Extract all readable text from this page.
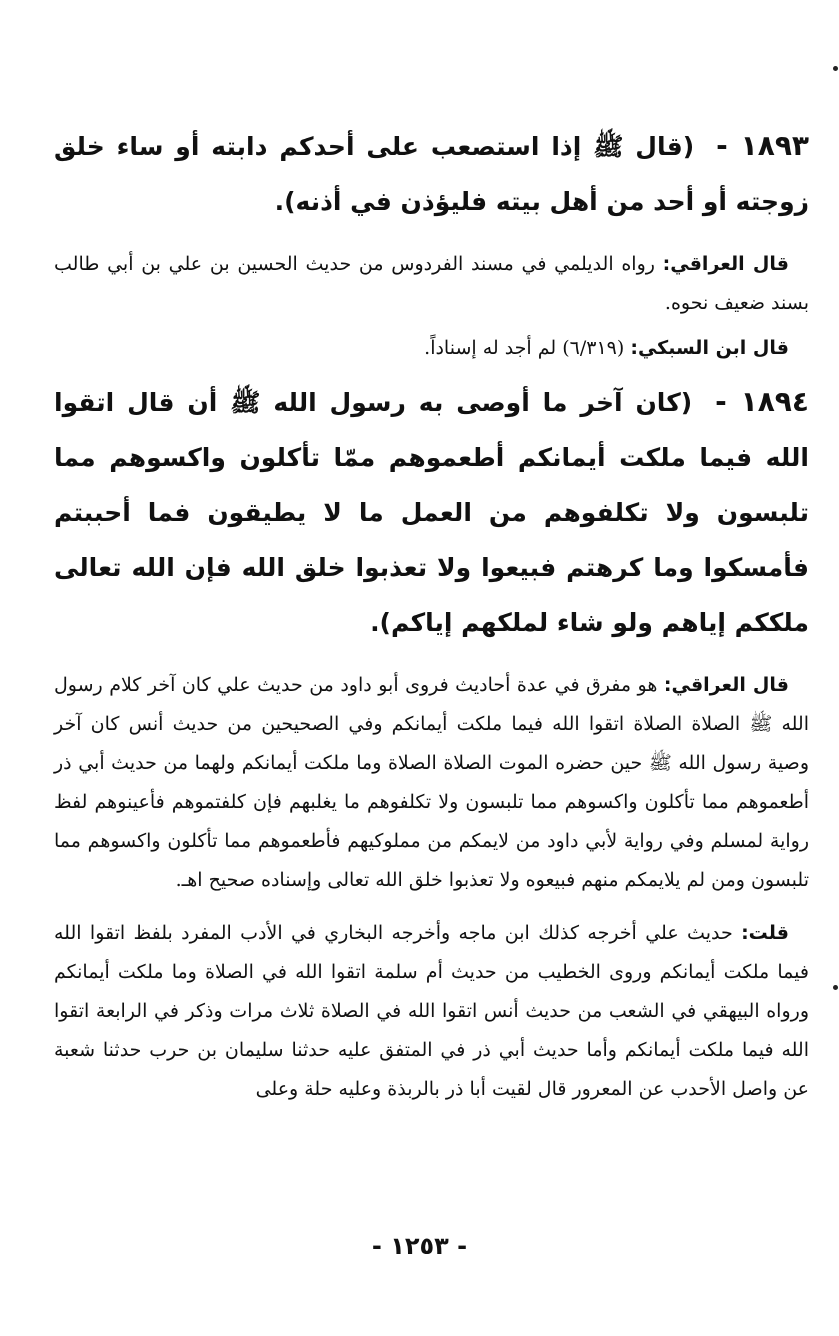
١٨٩٣ - (قال ﷺ إذا استصعب على أحدكم دابته أو ساء خلق زوجته أو أحد من أهل بيته فليؤذن في أذنه).

قال العراقي: رواه الديلمي في مسند الفردوس من حديث الحسين بن علي بن أبي طالب بسند ضعيف نحوه.

قال ابن السبكي: (٦/٣١٩) لم أجد له إسناداً.

١٨٩٤ - (كان آخر ما أوصى به رسول الله ﷺ أن قال اتقوا الله فيما ملكت أيمانكم أطعموهم ممّا تأكلون واكسوهم مما تلبسون ولا تكلفوهم من العمل ما لا يطيقون فما أحببتم فأمسكوا وما كرهتم فبيعوا ولا تعذبوا خلق الله فإن الله تعالى ملككم إياهم ولو شاء لملكهم إياكم).

قال العراقي: هو مفرق في عدة أحاديث فروى أبو داود من حديث علي كان آخر كلام رسول الله ﷺ الصلاة الصلاة اتقوا الله فيما ملكت أيمانكم وفي الصحيحين من حديث أنس كان آخر وصية رسول الله ﷺ حين حضره الموت الصلاة الصلاة وما ملكت أيمانكم ولهما من حديث أبي ذر أطعموهم مما تأكلون واكسوهم مما تلبسون ولا تكلفوهم ما يغلبهم فإن كلفتموهم فأعينوهم لفظ رواية لمسلم وفي رواية لأبي داود من لايمكم من مملوكيهم فأطعموهم مما تأكلون واكسوهم مما تلبسون ومن لم يلايمكم منهم فبيعوه ولا تعذبوا خلق الله تعالى وإسناده صحيح اهـ.

قلت: حديث علي أخرجه كذلك ابن ماجه وأخرجه البخاري في الأدب المفرد بلفظ اتقوا الله فيما ملكت أيمانكم وروى الخطيب من حديث أم سلمة اتقوا الله في الصلاة وما ملكت أيمانكم ورواه البيهقي في الشعب من حديث أنس اتقوا الله في الصلاة ثلاث مرات وذكر في الرابعة اتقوا الله فيما ملكت أيمانكم وأما حديث أبي ذر في المتفق عليه حدثنا سليمان بن حرب حدثنا شعبة عن واصل الأحدب عن المعرور قال لقيت أبا ذر بالربذة وعليه حلة وعلى

- ١٢٥٣ -
